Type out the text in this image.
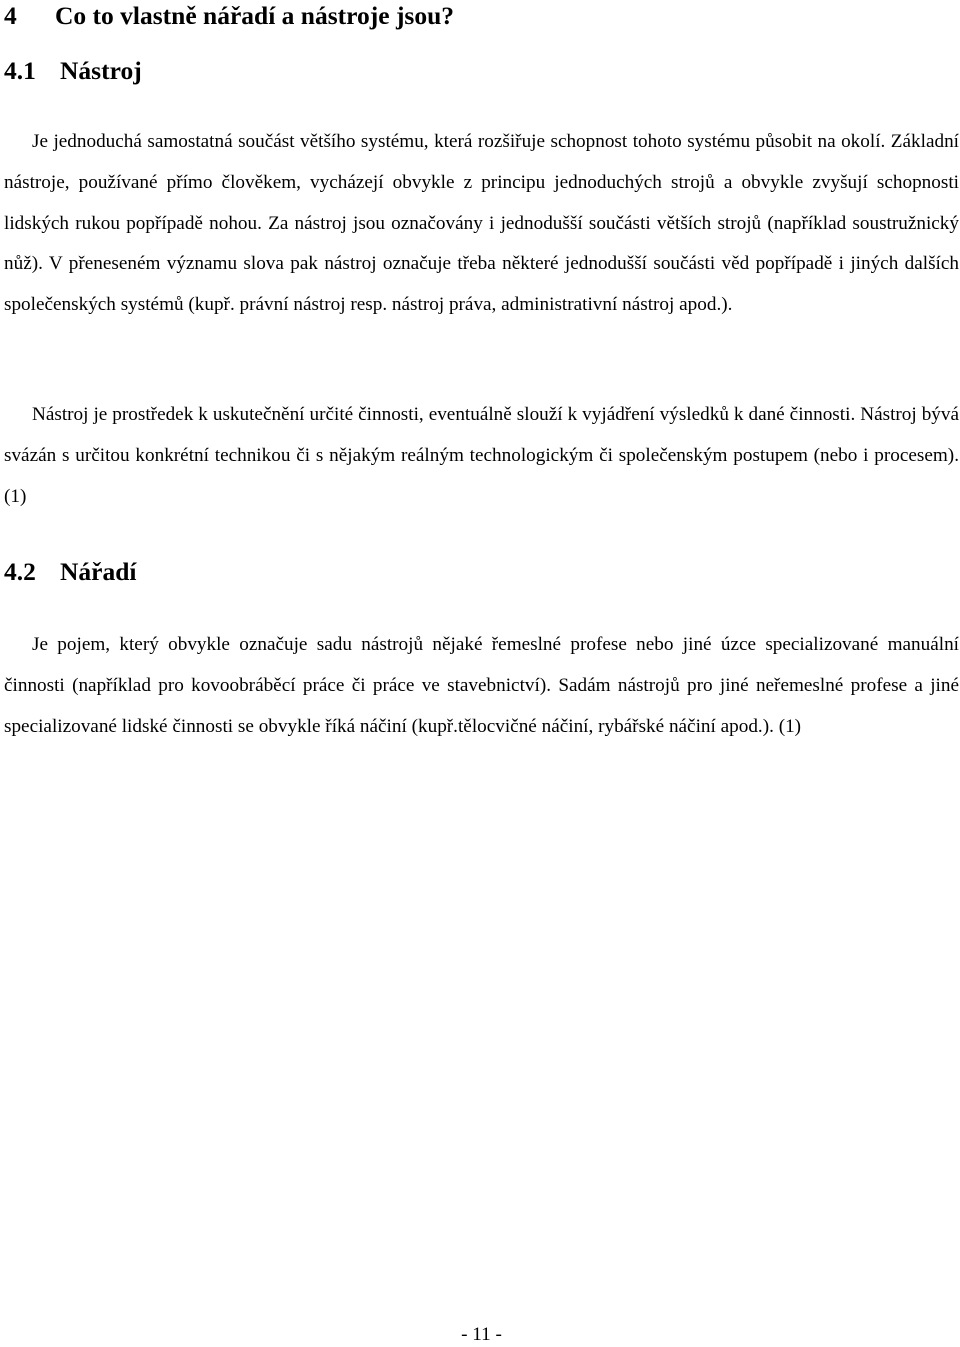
4 Co to vlastně nářadí a nástroje jsou?
4.1 Nástroj

Je jednoduchá samostatná součást většího systému, která rozšiřuje schopnost tohoto systému působit na okolí. Základní nástroje, používané přímo člověkem, vycházejí obvykle z principu jednoduchých strojů a obvykle zvyšují schopnosti lidských rukou popřípadě nohou. Za nástroj jsou označovány i jednodušší součásti větších strojů (například soustružnický nůž). V přeneseném významu slova pak nástroj označuje třeba některé jednodušší součásti věd popřípadě i jiných dalších společenských systémů (kupř. právní nástroj resp. nástroj práva, administrativní nástroj apod.).

Nástroj je prostředek k uskutečnění určité činnosti, eventuálně slouží k vyjádření výsledků k dané činnosti. Nástroj bývá svázán s určitou konkrétní technikou či s nějakým reálným technologickým či společenským postupem (nebo i procesem). (1)

4.2 Nářadí

Je pojem, který obvykle označuje sadu nástrojů nějaké řemeslné profese nebo jiné úzce specializované manuální činnosti (například pro kovoobráběcí práce či práce ve stavebnictví). Sadám nástrojů pro jiné neřemeslné profese a jiné specializované lidské činnosti se obvykle říká náčiní (kupř.tělocvičné náčiní, rybářské náčiní apod.). (1)

- 11 -
